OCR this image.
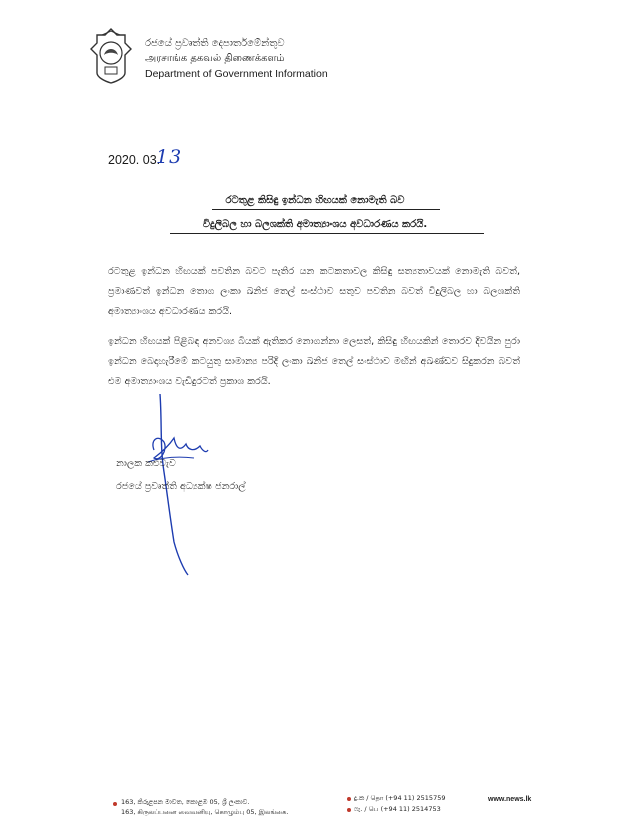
රජයේ ප්‍රවෘත්ති දෙපාර්තමේන්තුව
அரசாங்க தகவல் திணைக்களம்
Department of Government Information
2020. 03.
13
රටතුළ කිසිඳු ඉන්ධන හිඟයක් නොමැති බව
විදුලිබල හා බලශක්ති අමාත්‍යාංශය අවධාරණය කරයි.

රටතුළ ඉන්ධන හිඟයක් පවතින බවට පැතිර යන කටකතාවල කිසිඳු සත්‍යතාවයක් නොමැති බවත්, ප්‍රමාණවත් ඉන්ධන තොග ලංකා ඛනිජ තෙල් සංස්ථාව සතුව පවතින බවත් විදුලිබල හා බලශක්ති අමාත්‍යාංශය අවධාරණය කරයි.

ඉන්ධන හිඟයක් පිළිබඳ අනවශ්‍ය බියක් ඇතිකර නොගන්නා ලෙසත්, කිසිඳු හිඟයකින් තොරව දිවයින පුරා ඉන්ධන බෙදාහැරීමේ කටයුතු සාමාන්‍ය පරිදි ලංකා ඛනිජ තෙල් සංස්ථාව මඟින් අඛණ්ඩව සිදුකරන බවත් එම අමාත්‍යාංශය වැඩිදුරටත් ප්‍රකාශ කරයි.

නාලක කළුවැව
රජයේ ප්‍රවෘත්ති අධ්‍යක්ෂ ජනරාල්
163, කිරුළපන මාවත, කොළඹ 05, ශ්‍රී ලංකාව.
163, கிருலப்பனை வைவனியு, கொழும்பு 05, இலங்கை.
දු.ක / தொ (+94 11) 2515759
ෆැ. / பெ (+94 11) 2514753
www.news.lk
